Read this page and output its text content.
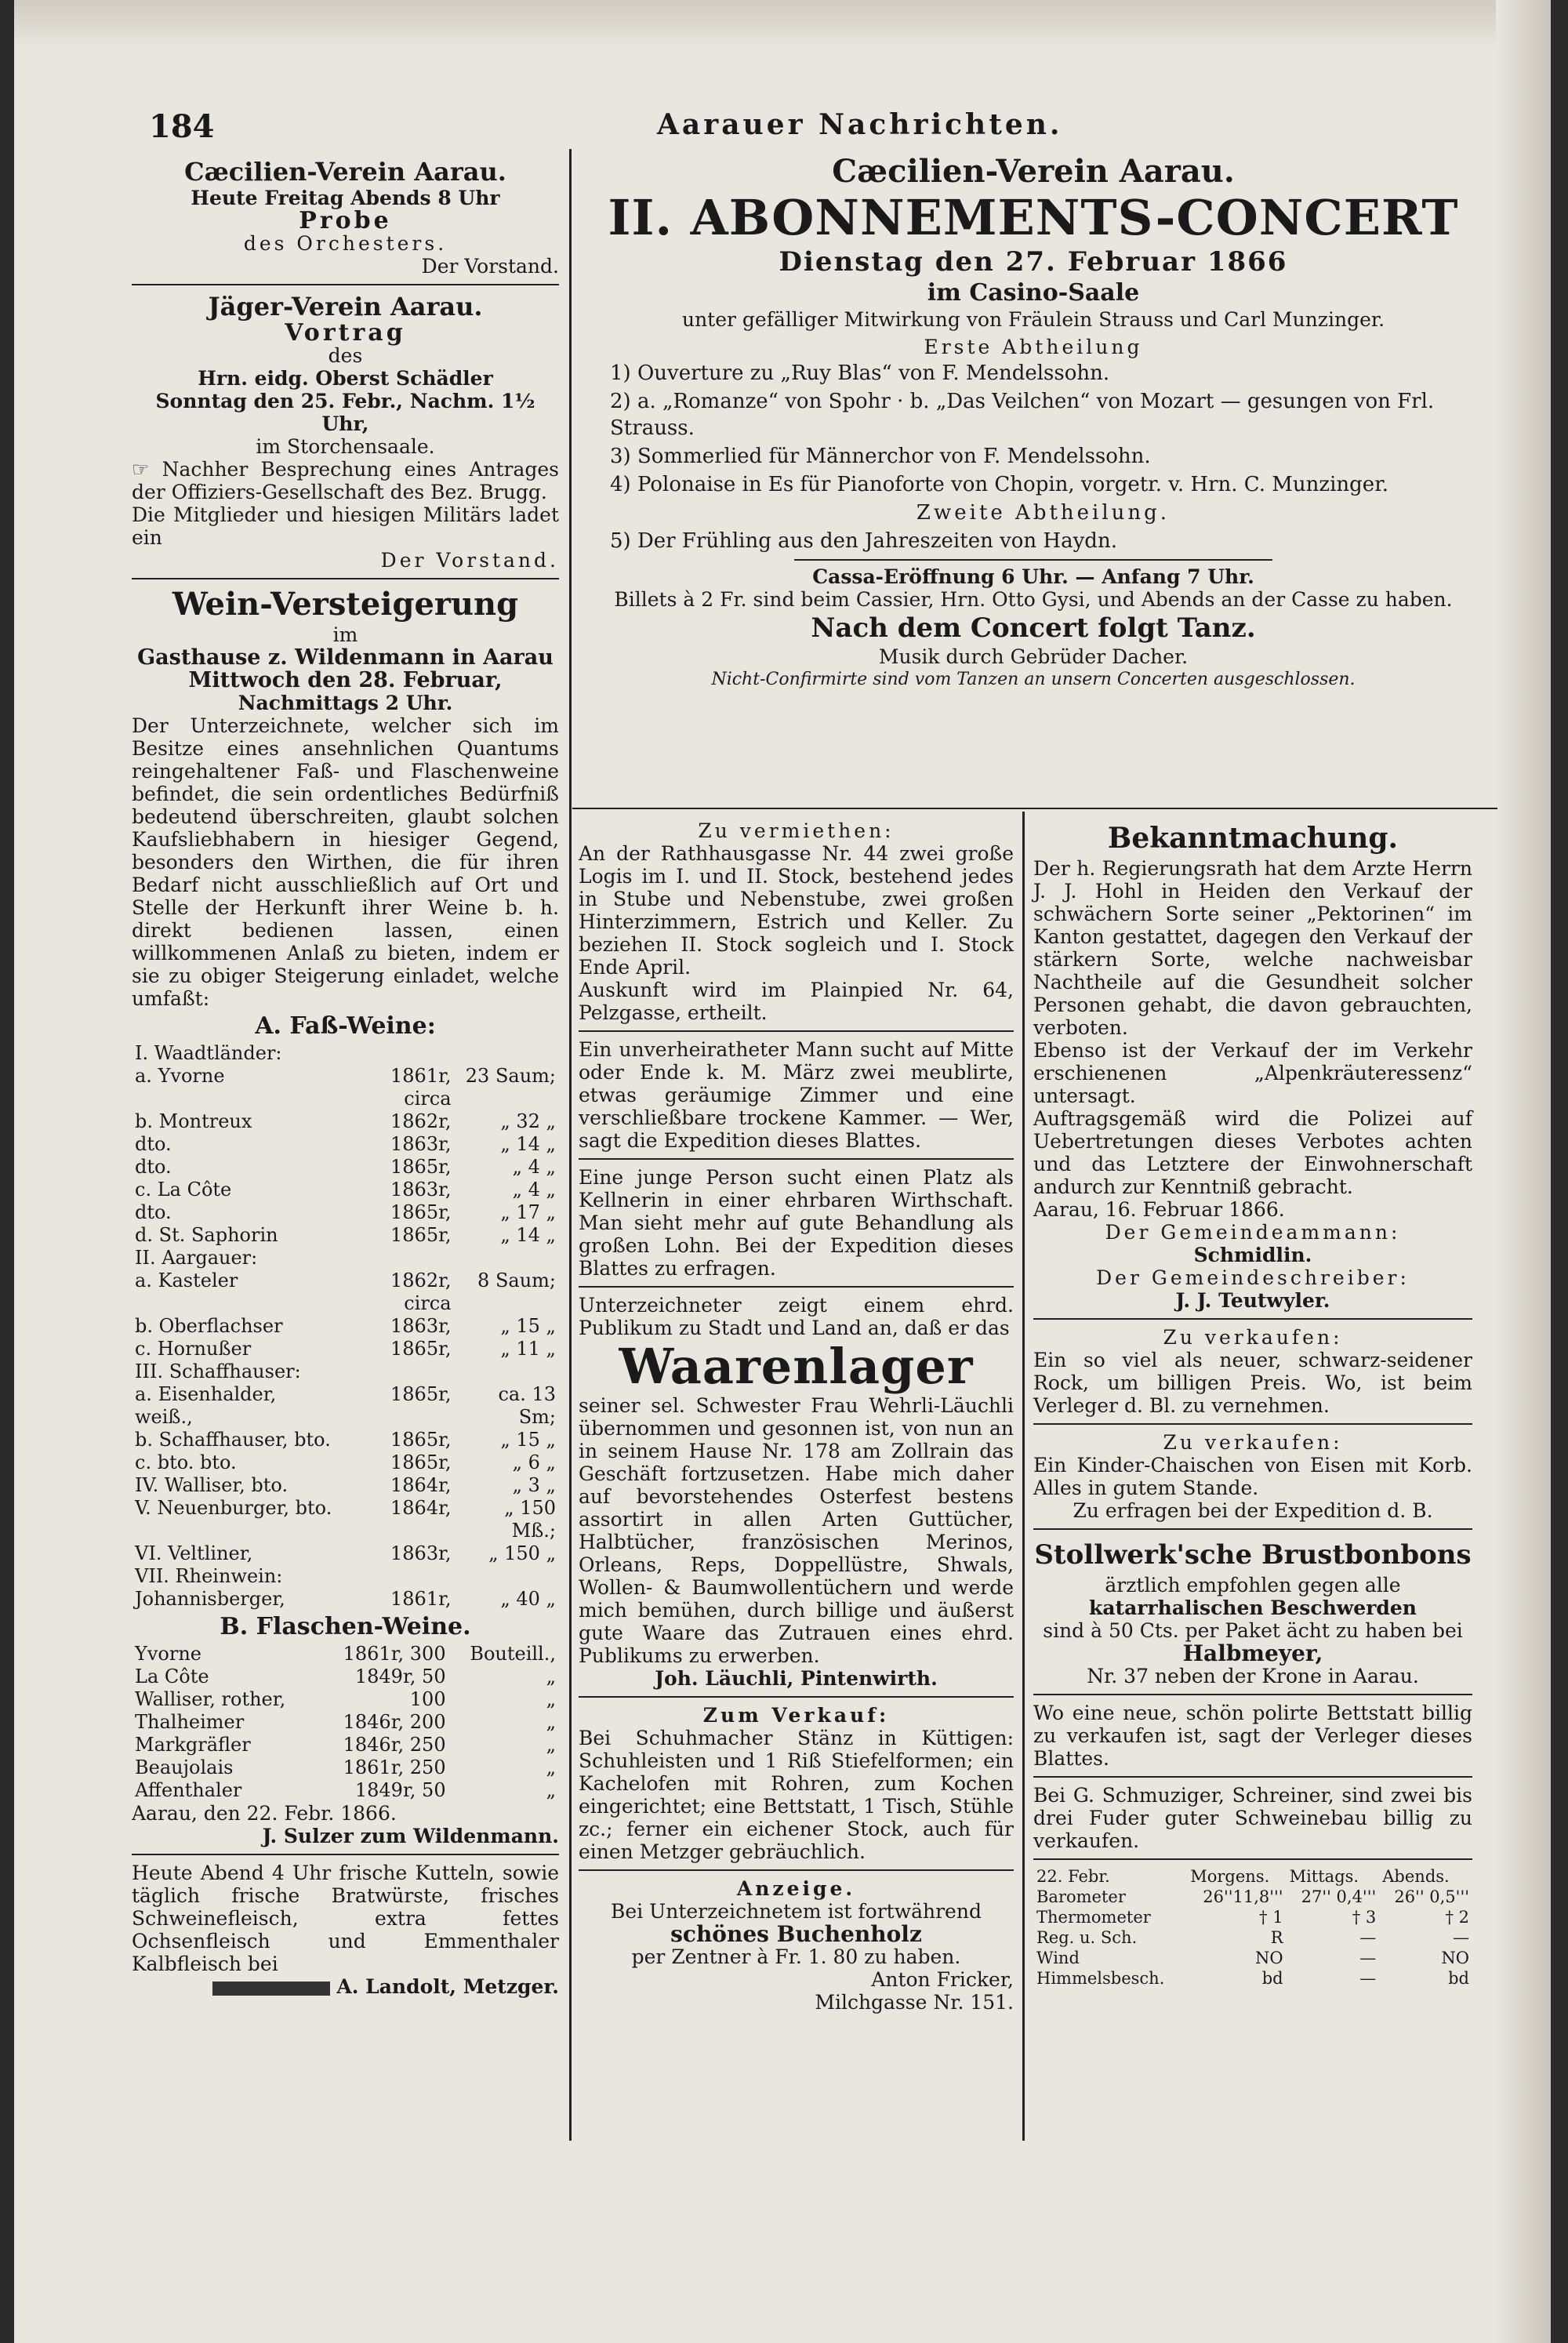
184	Aarauer Nachrichten.
Cæcilien-Verein Aarau.
Heute Freitag Abends 8 Uhr
Probe
des Orchesters.
Der Vorstand.
Jäger-Verein Aarau.
Vortrag
des
Hrn. eidg. Oberst Schädler
Sonntag den 25. Febr., Nachm. 1½ Uhr,
im Storchensaale.
☞ Nachher Besprechung eines Antrages der Offiziers-Gesellschaft des Bez. Brugg.
Die Mitglieder und hiesigen Militärs ladet ein
Der Vorstand.
Wein-Versteigerung
im
Gasthause z. Wildenmann in Aarau
Mittwoch den 28. Februar,
Nachmittags 2 Uhr.
Der Unterzeichnete, welcher sich im Besitze eines ansehnlichen Quantums reingehaltener Faß- und Flaschenweine befindet, die sein ordentliches Bedürfniß bedeutend überschreiten, glaubt solchen Kaufsliebhabern in hiesiger Gegend, besonders den Wirthen, die für ihren Bedarf nicht ausschließlich auf Ort und Stelle der Herkunft ihrer Weine b. h. direkt bedienen lassen, einen willkommenen Anlaß zu bieten, indem er sie zu obiger Steigerung einladet, welche umfaßt:
A. Faß-Weine:
I. Waadtländer:		
a. Yvorne	1861r, circa	23 Saum;
b. Montreux	1862r,	„ 32 „
dto.	1863r,	„ 14 „
dto.	1865r,	„ 4 „
c. La Côte	1863r,	„ 4 „
dto.	1865r,	„ 17 „
d. St. Saphorin	1865r,	„ 14 „
II. Aargauer:		
a. Kasteler	1862r, circa	8 Saum;
b. Oberflachser	1863r,	„ 15 „
c. Hornußer	1865r,	„ 11 „
III. Schaffhauser:		
a. Eisenhalder, weiß.,	1865r,	ca. 13 Sm;
b. Schaffhauser, bto.	1865r,	„ 15 „
c. bto. bto.	1865r,	„ 6 „
IV. Walliser, bto.	1864r,	„ 3 „
V. Neuenburger, bto.	1864r,	„ 150 Mß.;
VI. Veltliner,	1863r,	„ 150 „
VII. Rheinwein:		
Johannisberger,	1861r,	„ 40 „
B. Flaschen-Weine.
Yvorne	1861r, 300	Bouteill.,
La Côte	1849r, 50	„
Walliser, rother,	100	„
Thalheimer	1846r, 200	„
Markgräfler	1846r, 250	„
Beaujolais	1861r, 250	„
Affenthaler	1849r, 50	„
Aarau, den 22. Febr. 1866.
J. Sulzer zum Wildenmann.
Heute Abend 4 Uhr frische Kutteln, sowie täglich frische Bratwürste, frisches Schweinefleisch, extra fettes Ochsenfleisch und Emmenthaler Kalbfleisch bei
A. Landolt, Metzger.
Cæcilien-Verein Aarau.
II. ABONNEMENTS-CONCERT
Dienstag den 27. Februar 1866
im Casino-Saale
unter gefälliger Mitwirkung von Fräulein Strauss und Carl Munzinger.
Erste Abtheilung
1) Ouverture zu „Ruy Blas“ von F. Mendelssohn.
2) a. „Romanze“ von Spohr · b. „Das Veilchen“ von Mozart — gesungen von Frl. Strauss.
3) Sommerlied für Männerchor von F. Mendelssohn.
4) Polonaise in Es für Pianoforte von Chopin, vorgetr. v. Hrn. C. Munzinger.
Zweite Abtheilung.
5) Der Frühling aus den Jahreszeiten von Haydn.
Cassa-Eröffnung 6 Uhr. — Anfang 7 Uhr.
Billets à 2 Fr. sind beim Cassier, Hrn. Otto Gysi, und Abends an der Casse zu haben.
Nach dem Concert folgt Tanz.
Musik durch Gebrüder Dacher.
Nicht-Confirmirte sind vom Tanzen an unsern Concerten ausgeschlossen.
Zu vermiethen:
An der Rathhausgasse Nr. 44 zwei große Logis im I. und II. Stock, bestehend jedes in Stube und Nebenstube, zwei großen Hinterzimmern, Estrich und Keller. Zu beziehen II. Stock sogleich und I. Stock Ende April.
Auskunft wird im Plainpied Nr. 64, Pelzgasse, ertheilt.
Ein unverheiratheter Mann sucht auf Mitte oder Ende k. M. März zwei meublirte, etwas geräumige Zimmer und eine verschließbare trockene Kammer. — Wer, sagt die Expedition dieses Blattes.
Eine junge Person sucht einen Platz als Kellnerin in einer ehrbaren Wirthschaft. Man sieht mehr auf gute Behandlung als großen Lohn. Bei der Expedition dieses Blattes zu erfragen.
Unterzeichneter zeigt einem ehrd. Publikum zu Stadt und Land an, daß er das
Waarenlager
seiner sel. Schwester Frau Wehrli-Läuchli übernommen und gesonnen ist, von nun an in seinem Hause Nr. 178 am Zollrain das Geschäft fortzusetzen. Habe mich daher auf bevorstehendes Osterfest bestens assortirt in allen Arten Guttücher, Halbtücher, französischen Merinos, Orleans, Reps, Doppellüstre, Shwals, Wollen- & Baumwollentüchern und werde mich bemühen, durch billige und äußerst gute Waare das Zutrauen eines ehrd. Publikums zu erwerben.
Joh. Läuchli, Pintenwirth.
Zum Verkauf:
Bei Schuhmacher Stänz in Küttigen: Schuhleisten und 1 Riß Stiefelformen; ein Kachelofen mit Rohren, zum Kochen eingerichtet; eine Bettstatt, 1 Tisch, Stühle zc.; ferner ein eichener Stock, auch für einen Metzger gebräuchlich.
Anzeige.
Bei Unterzeichnetem ist fortwährend
schönes Buchenholz
per Zentner à Fr. 1. 80 zu haben.
Anton Fricker,
Milchgasse Nr. 151.
Bekanntmachung.
Der h. Regierungsrath hat dem Arzte Herrn J. J. Hohl in Heiden den Verkauf der schwächern Sorte seiner „Pektorinen“ im Kanton gestattet, dagegen den Verkauf der stärkern Sorte, welche nachweisbar Nachtheile auf die Gesundheit solcher Personen gehabt, die davon gebrauchten, verboten.
Ebenso ist der Verkauf der im Verkehr erschienenen „Alpenkräuteressenz“ untersagt.
Auftragsgemäß wird die Polizei auf Uebertretungen dieses Verbotes achten und das Letztere der Einwohnerschaft andurch zur Kenntniß gebracht.
Aarau, 16. Februar 1866.
Der Gemeindeammann:
Schmidlin.
Der Gemeindeschreiber:
J. J. Teutwyler.
Zu verkaufen:
Ein so viel als neuer, schwarz-seidener Rock, um billigen Preis. Wo, ist beim Verleger d. Bl. zu vernehmen.
Zu verkaufen:
Ein Kinder-Chaischen von Eisen mit Korb. Alles in gutem Stande.
Zu erfragen bei der Expedition d. B.
Stollwerk'sche Brustbonbons
ärztlich empfohlen gegen alle
katarrhalischen Beschwerden
sind à 50 Cts. per Paket ächt zu haben bei
Halbmeyer,
Nr. 37 neben der Krone in Aarau.
Wo eine neue, schön polirte Bettstatt billig zu verkaufen ist, sagt der Verleger dieses Blattes.
Bei G. Schmuziger, Schreiner, sind zwei bis drei Fuder guter Schweinebau billig zu verkaufen.
22. Febr.	Morgens.	Mittags.	Abends.
Barometer	26''11,8'''	27'' 0,4'''	26'' 0,5'''
Thermometer	† 1	† 3	† 2
Reg. u. Sch.	R	—	—
Wind	NO	—	NO
Himmelsbesch.	bd	—	bd
